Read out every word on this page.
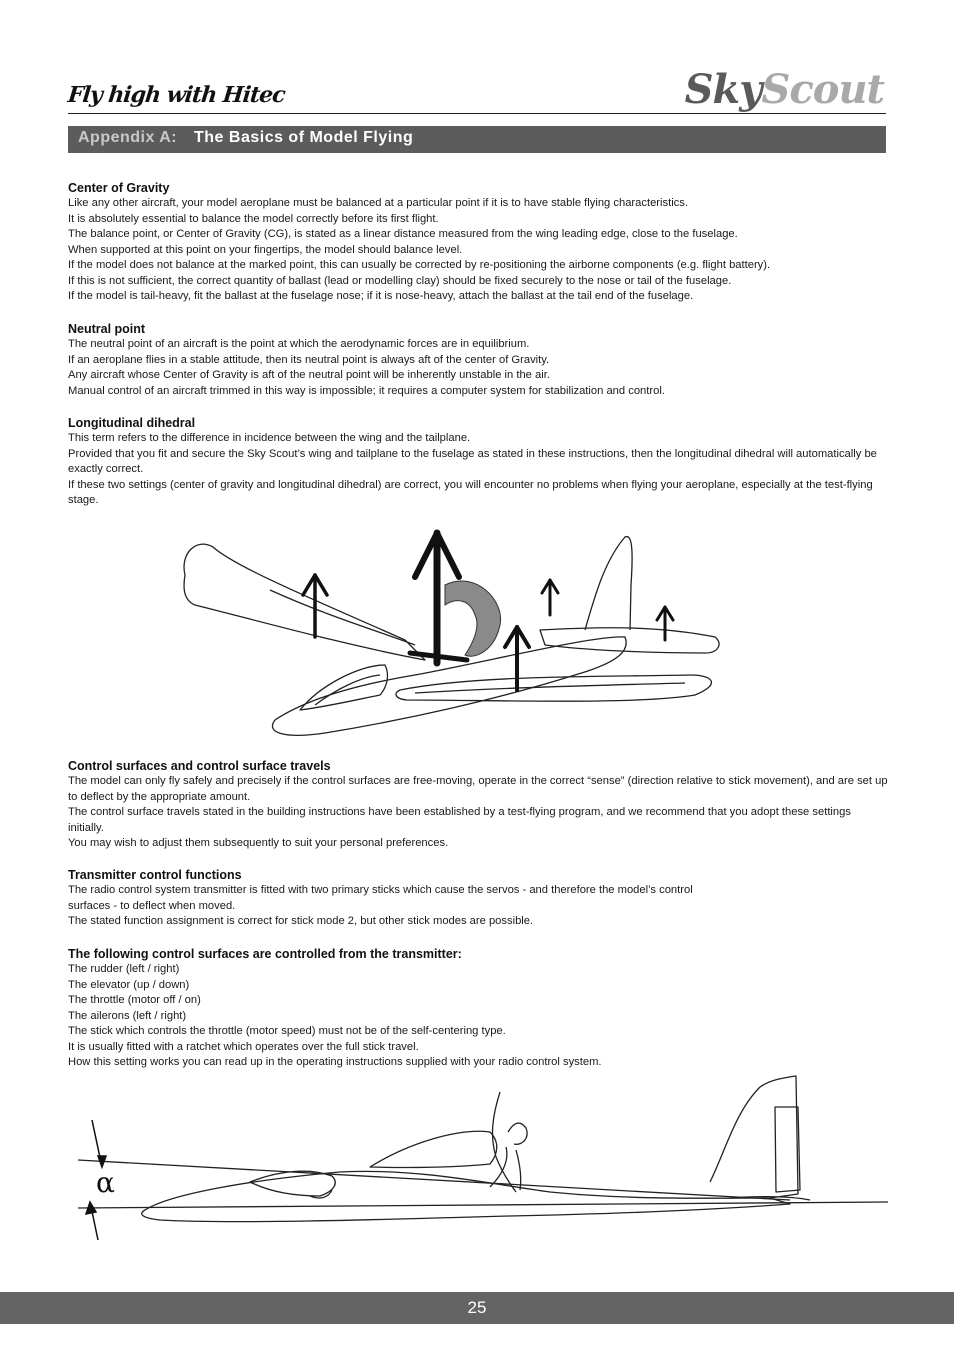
Fly high with Hitec	SkyScout
Appendix A: The Basics of Model Flying
Center of Gravity

Like any other aircraft, your model aeroplane must be balanced at a particular point if it is to have stable flying characteristics.

It is absolutely essential to balance the model correctly before its first flight.

The balance point, or Center of Gravity (CG), is stated as a linear distance measured from the wing leading edge, close to the fuselage.

When supported at this point on your fingertips, the model should balance level.

If the model does not balance at the marked point, this can usually be corrected by re-positioning the airborne components (e.g. flight battery).

If this is not sufficient, the correct quantity of ballast (lead or modelling clay) should be fixed securely to the nose or tail of the fuselage.

If the model is tail-heavy, fit the ballast at the fuselage nose; if it is nose-heavy, attach the ballast at the tail end of the fuselage.

Neutral point

The neutral point of an aircraft is the point at which the aerodynamic forces are in equilibrium.

If an aeroplane flies in a stable attitude, then its neutral point is always aft of the center of Gravity.

Any aircraft whose Center of Gravity is aft of the neutral point will be inherently unstable in the air.

Manual control of an aircraft trimmed in this way is impossible; it requires a computer system for stabilization and control.

Longitudinal dihedral

This term refers to the difference in incidence between the wing and the tailplane.

Provided that you fit and secure the Sky Scout’s wing and tailplane to the fuselage as stated in these instructions, then the longitudinal dihedral will automatically be exactly correct.

If these two settings (center of gravity and longitudinal dihedral) are correct, you will encounter no problems when flying your aeroplane, especially at the test-flying stage.

Control surfaces and control surface travels

The model can only fly safely and precisely if the control surfaces are free-moving, operate in the correct “sense” (direction relative to stick movement), and are set up to deflect by the appropriate amount.

The control surface travels stated in the building instructions have been established by a test-flying program, and we recommend that you adopt these settings initially.

You may wish to adjust them subsequently to suit your personal preferences.

Transmitter control functions

The radio control system transmitter is fitted with two primary sticks which cause the servos - and therefore the model’s control

surfaces - to deflect when moved.

The stated function assignment is correct for stick mode 2, but other stick modes are possible.

The following control surfaces are controlled from the transmitter:

The rudder (left / right)

The elevator (up / down)

The throttle (motor off / on)

The ailerons (left / right)

The stick which controls the throttle (motor speed) must not be of the self-centering type.

It is usually fitted with a ratchet which operates over the full stick travel.

How this setting works you can read up in the operating instructions supplied with your radio control system.

α
25
